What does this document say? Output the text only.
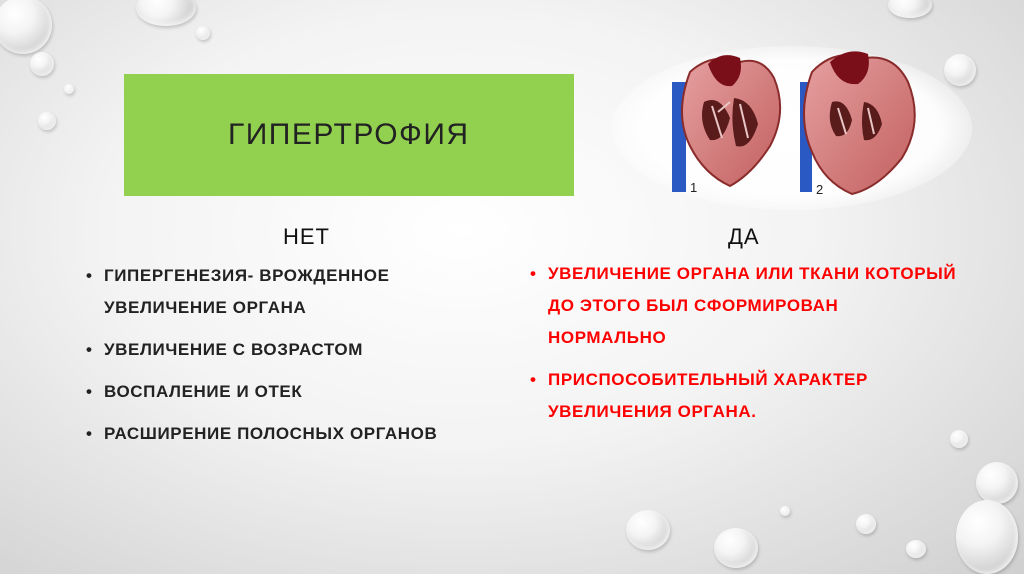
ГИПЕРТРОФИЯ
1	2
НЕТ	ДА
• ГИПЕРГЕНЕЗИЯ- ВРОЖДЕННОЕ УВЕЛИЧЕНИЕ ОРГАНА
• УВЕЛИЧЕНИЕ С ВОЗРАСТОМ
• ВОСПАЛЕНИЕ И ОТЕК
• РАСШИРЕНИЕ ПОЛОСНЫХ ОРГАНОВ
• УВЕЛИЧЕНИЕ ОРГАНА ИЛИ ТКАНИ КОТОРЫЙ ДО ЭТОГО БЫЛ СФОРМИРОВАН НОРМАЛЬНО
• ПРИСПОСОБИТЕЛЬНЫЙ ХАРАКТЕР УВЕЛИЧЕНИЯ ОРГАНА.
